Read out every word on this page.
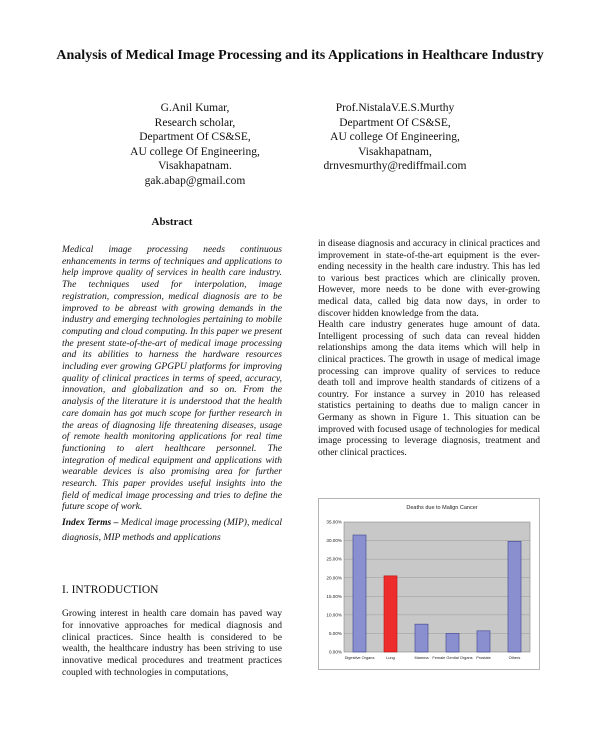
Analysis of Medical Image Processing and its Applications in Healthcare Industry
G.Anil Kumar,
Research scholar,
Department Of CS&SE,
AU college Of Engineering,
Visakhapatnam.
gak.abap@gmail.com
Prof.NistalaV.E.S.Murthy
Department Of CS&SE,
AU college Of Engineering,
Visakhapatnam,
drnvesmurthy@rediffmail.com
Abstract

Medical image processing needs continuous enhancements in terms of techniques and applications to help improve quality of services in health care industry. The techniques used for interpolation, image registration, compression, medical diagnosis are to be improved to be abreast with growing demands in the industry and emerging technologies pertaining to mobile computing and cloud computing. In this paper we present the present state-of-the-art of medical image processing and its abilities to harness the hardware resources including ever growing GPGPU platforms for improving quality of clinical practices in terms of speed, accuracy, innovation, and globalization and so on. From the analysis of the literature it is understood that the health care domain has got much scope for further research in the areas of diagnosing life threatening diseases, usage of remote health monitoring applications for real time functioning to alert healthcare personnel. The integration of medical equipment and applications with wearable devices is also promising area for further research. This paper provides useful insights into the field of medical image processing and tries to define the future scope of work.

Index Terms – Medical image processing (MIP), medical diagnosis, MIP methods and applications

I. INTRODUCTION

Growing interest in health care domain has paved way for innovative approaches for medical diagnosis and clinical practices. Since health is considered to be wealth, the healthcare industry has been striving to use innovative medical procedures and treatment practices coupled with technologies in computations,

in disease diagnosis and accuracy in clinical practices and improvement in state-of-the-art equipment is the ever-ending necessity in the health care industry. This has led to various best practices which are clinically proven. However, more needs to be done with ever-growing medical data, called big data now days, in order to discover hidden knowledge from the data.

Health care industry generates huge amount of data. Intelligent processing of such data can reveal hidden relationships among the data items which will help in clinical practices. The growth in usage of medical image processing can improve quality of services to reduce death toll and improve health standards of citizens of a country. For instance a survey in 2010 has released statistics pertaining to deaths due to malign cancer in Germany as shown in Figure 1. This situation can be improved with focused usage of technologies for medical image processing to leverage diagnosis, treatment and other clinical practices.

Deaths due to Malign Cancer
0.00%
5.00%
10.00%
15.00%
20.00%
25.00%
30.00%
35.00%
Digestive Organs	Lung	Mamma Female Genital Organs Prostate	Others
